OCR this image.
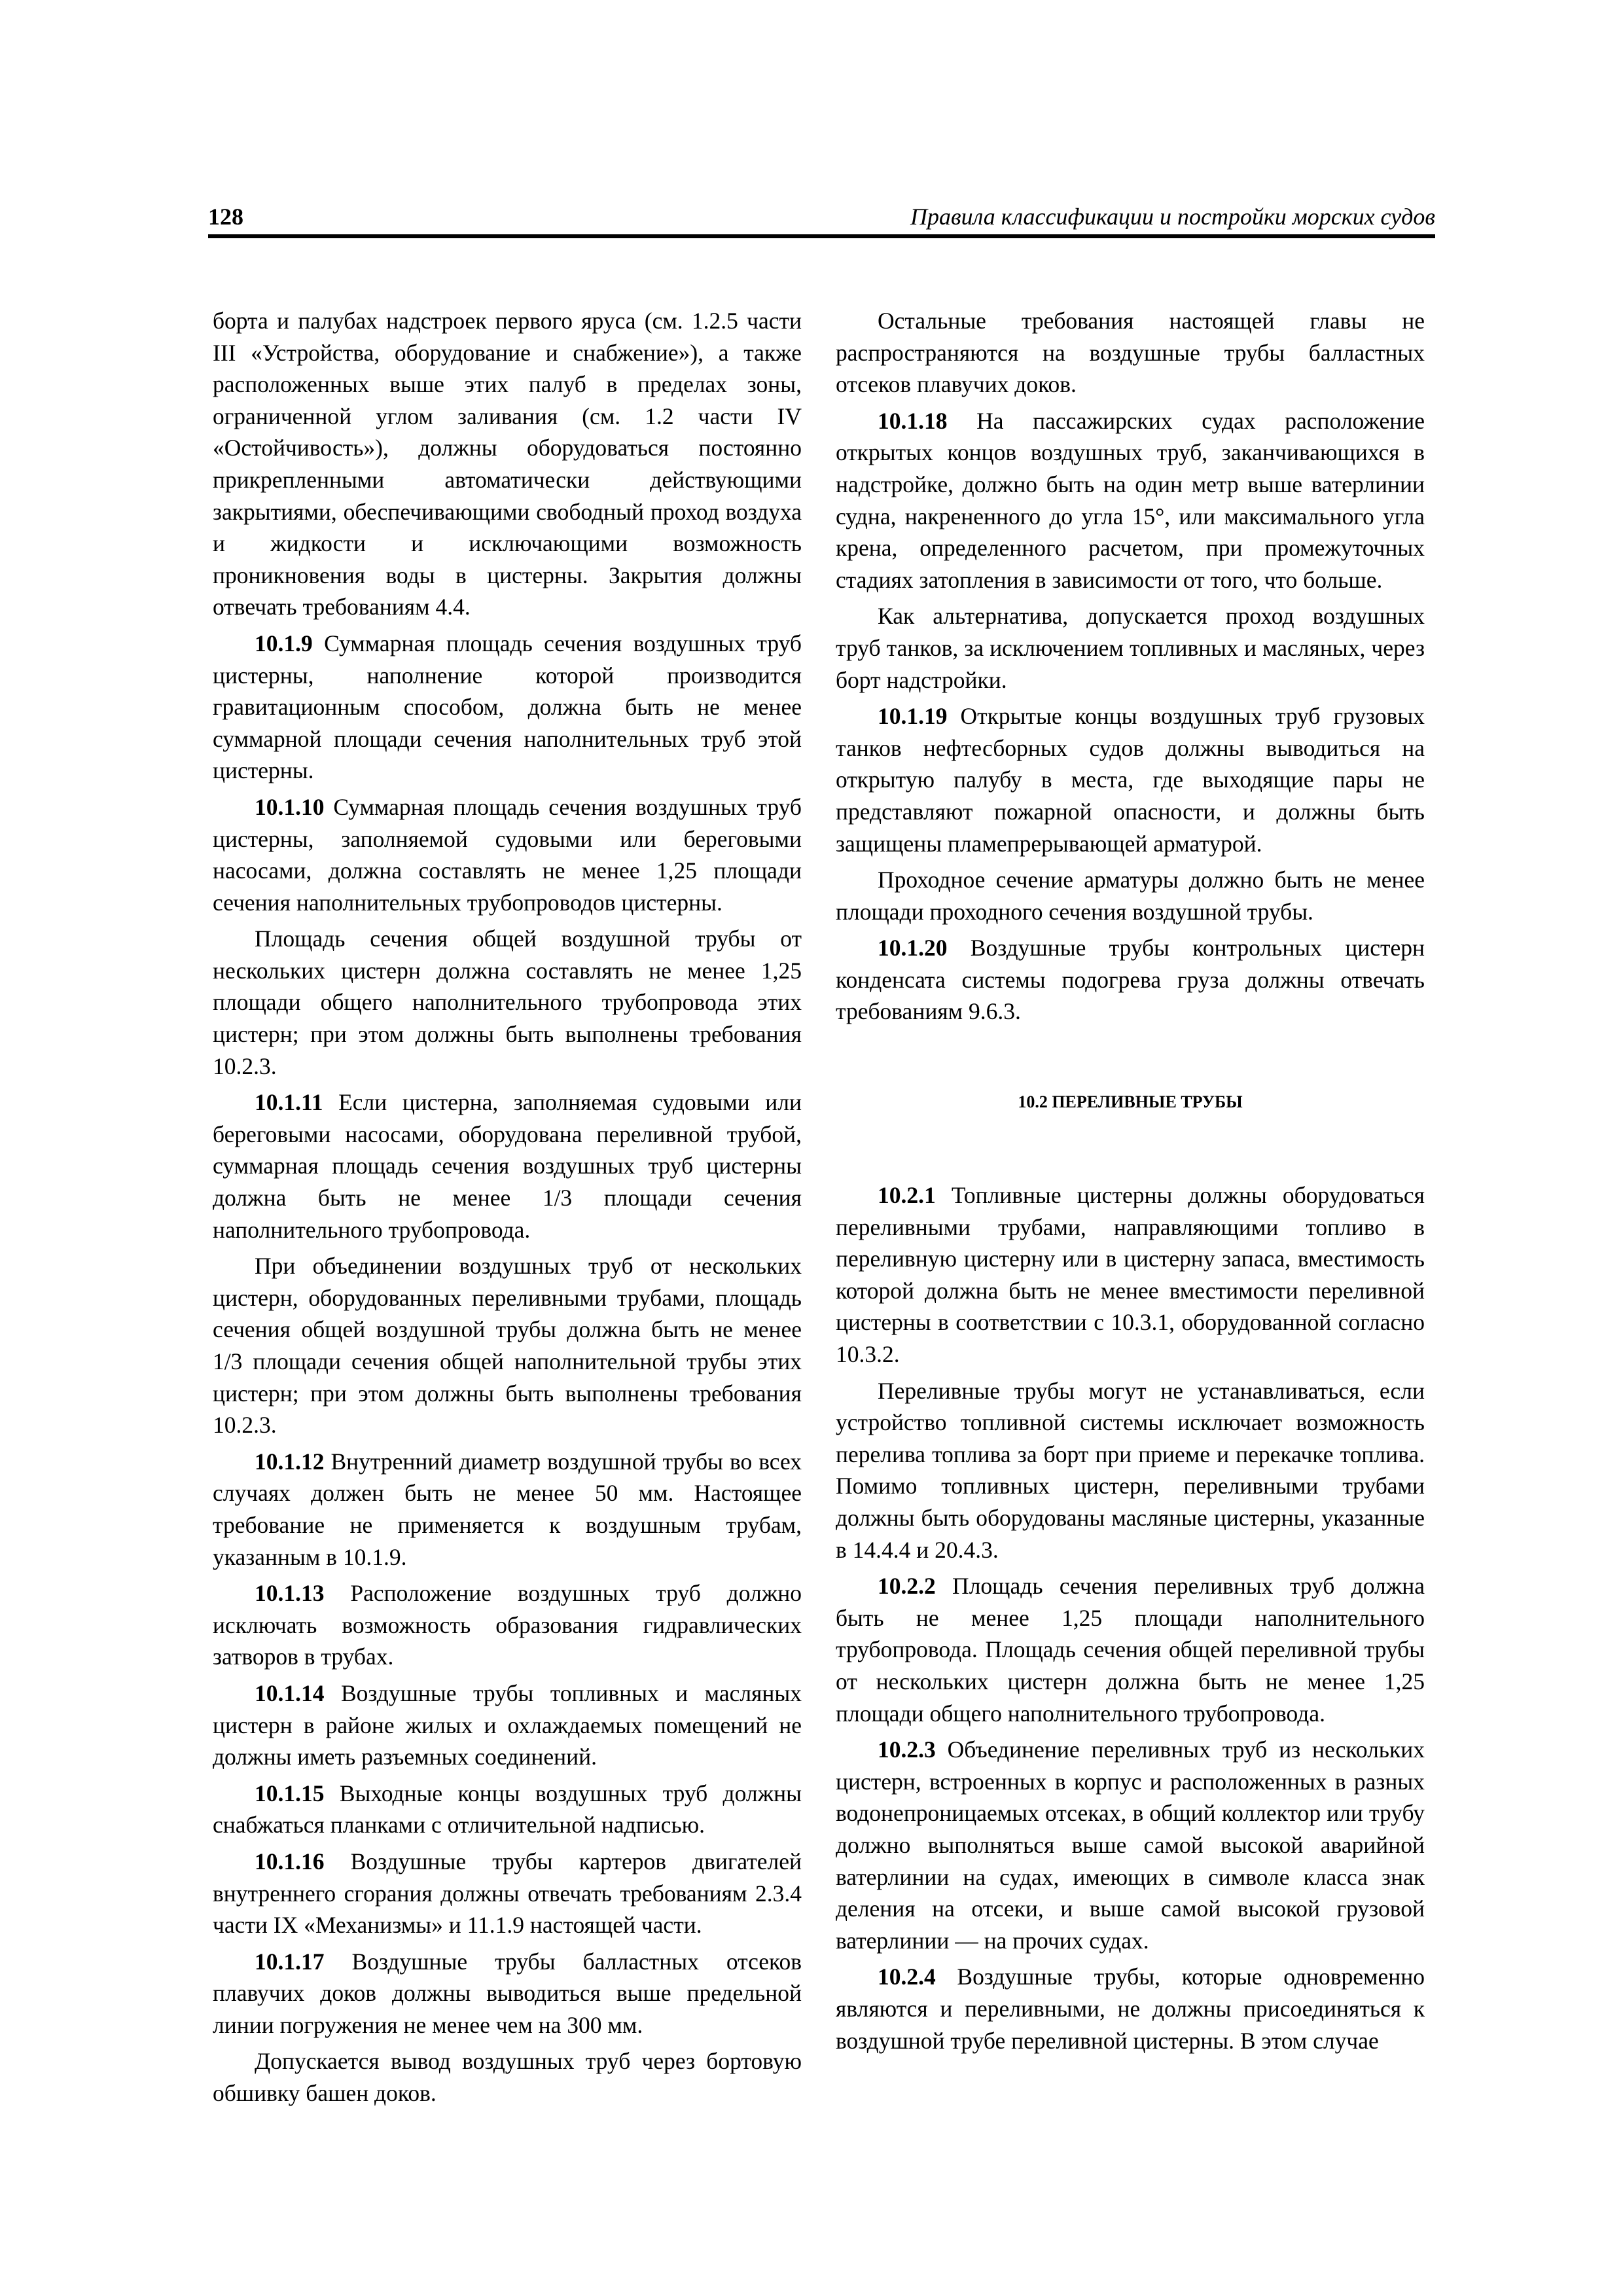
128	Правила классификации и постройки морских судов

борта и палубах надстроек первого яруса (см. 1.2.5 части III «Устройства, оборудование и снабжение»), а также расположенных выше этих палуб в пределах зоны, ограниченной углом заливания (см. 1.2 части IV «Остойчивость»), должны оборудоваться постоянно прикрепленными автоматически действующими закрытиями, обеспечивающими свободный проход воздуха и жидкости и исключающими возможность проникновения воды в цистерны. Закрытия должны отвечать требованиям 4.4.

10.1.9 Суммарная площадь сечения воздушных труб цистерны, наполнение которой производится гравитационным способом, должна быть не менее суммарной площади сечения наполнительных труб этой цистерны.

10.1.10 Суммарная площадь сечения воздушных труб цистерны, заполняемой судовыми или береговыми насосами, должна составлять не менее 1,25 площади сечения наполнительных трубопроводов цистерны.

Площадь сечения общей воздушной трубы от нескольких цистерн должна составлять не менее 1,25 площади общего наполнительного трубопровода этих цистерн; при этом должны быть выполнены требования 10.2.3.

10.1.11 Если цистерна, заполняемая судовыми или береговыми насосами, оборудована переливной трубой, суммарная площадь сечения воздушных труб цистерны должна быть не менее 1/3 площади сечения наполнительного трубопровода.

При объединении воздушных труб от нескольких цистерн, оборудованных переливными трубами, площадь сечения общей воздушной трубы должна быть не менее 1/3 площади сечения общей наполнительной трубы этих цистерн; при этом должны быть выполнены требования 10.2.3.

10.1.12 Внутренний диаметр воздушной трубы во всех случаях должен быть не менее 50 мм. Настоящее требование не применяется к воздушным трубам, указанным в 10.1.9.

10.1.13 Расположение воздушных труб должно исключать возможность образования гидравлических затворов в трубах.

10.1.14 Воздушные трубы топливных и масляных цистерн в районе жилых и охлаждаемых помещений не должны иметь разъемных соединений.

10.1.15 Выходные концы воздушных труб должны снабжаться планками с отличительной надписью.

10.1.16 Воздушные трубы картеров двигателей внутреннего сгорания должны отвечать требованиям 2.3.4 части IX «Механизмы» и 11.1.9 настоящей части.

10.1.17 Воздушные трубы балластных отсеков плавучих доков должны выводиться выше предельной линии погружения не менее чем на 300 мм.

Допускается вывод воздушных труб через бортовую обшивку башен доков.

Остальные требования настоящей главы не распространяются на воздушные трубы балластных отсеков плавучих доков.

10.1.18 На пассажирских судах расположение открытых концов воздушных труб, заканчивающихся в надстройке, должно быть на один метр выше ватерлинии судна, накрененного до угла 15°, или максимального угла крена, определенного расчетом, при промежуточных стадиях затопления в зависимости от того, что больше.

Как альтернатива, допускается проход воздушных труб танков, за исключением топливных и масляных, через борт надстройки.

10.1.19 Открытые концы воздушных труб грузовых танков нефтесборных судов должны выводиться на открытую палубу в места, где выходящие пары не представляют пожарной опасности, и должны быть защищены пламепрерывающей арматурой.

Проходное сечение арматуры должно быть не менее площади проходного сечения воздушной трубы.

10.1.20 Воздушные трубы контрольных цистерн конденсата системы подогрева груза должны отвечать требованиям 9.6.3.

10.2 ПЕРЕЛИВНЫЕ ТРУБЫ

10.2.1 Топливные цистерны должны оборудоваться переливными трубами, направляющими топливо в переливную цистерну или в цистерну запаса, вместимость которой должна быть не менее вместимости переливной цистерны в соответствии с 10.3.1, оборудованной согласно 10.3.2.

Переливные трубы могут не устанавливаться, если устройство топливной системы исключает возможность перелива топлива за борт при приеме и перекачке топлива. Помимо топливных цистерн, переливными трубами должны быть оборудованы масляные цистерны, указанные в 14.4.4 и 20.4.3.

10.2.2 Площадь сечения переливных труб должна быть не менее 1,25 площади наполнительного трубопровода. Площадь сечения общей переливной трубы от нескольких цистерн должна быть не менее 1,25 площади общего наполнительного трубопровода.

10.2.3 Объединение переливных труб из нескольких цистерн, встроенных в корпус и расположенных в разных водонепроницаемых отсеках, в общий коллектор или трубу должно выполняться выше самой высокой аварийной ватерлинии на судах, имеющих в символе класса знак деления на отсеки, и выше самой высокой грузовой ватерлинии — на прочих судах.

10.2.4 Воздушные трубы, которые одновременно являются и переливными, не должны присоединяться к воздушной трубе переливной цистерны. В этом случае
